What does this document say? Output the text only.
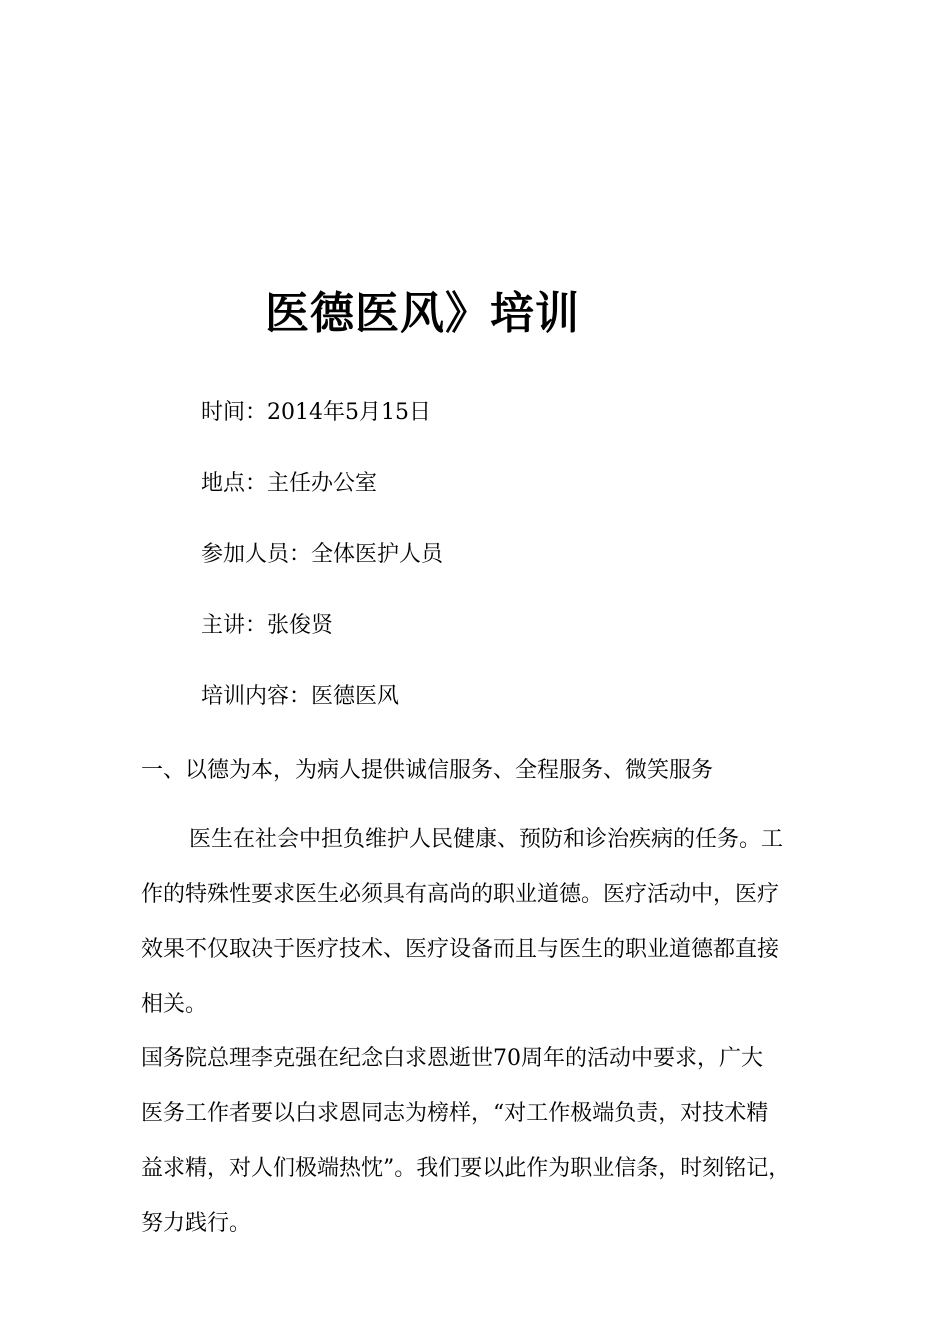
医德医风》培训
时间：2014年5月15日
地点：主任办公室
参加人员：全体医护人员
主讲：张俊贤
培训内容：医德医风
一、以德为本，为病人提供诚信服务、全程服务、微笑服务
医生在社会中担负维护人民健康、预防和诊治疾病的任务。工
作的特殊性要求医生必须具有高尚的职业道德。医疗活动中，医疗
效果不仅取决于医疗技术、医疗设备而且与医生的职业道德都直接
相关。
国务院总理李克强在纪念白求恩逝世70周年的活动中要求，广大
医务工作者要以白求恩同志为榜样，“对工作极端负责，对技术精
益求精，对人们极端热忱”。我们要以此作为职业信条，时刻铭记，
努力践行。
